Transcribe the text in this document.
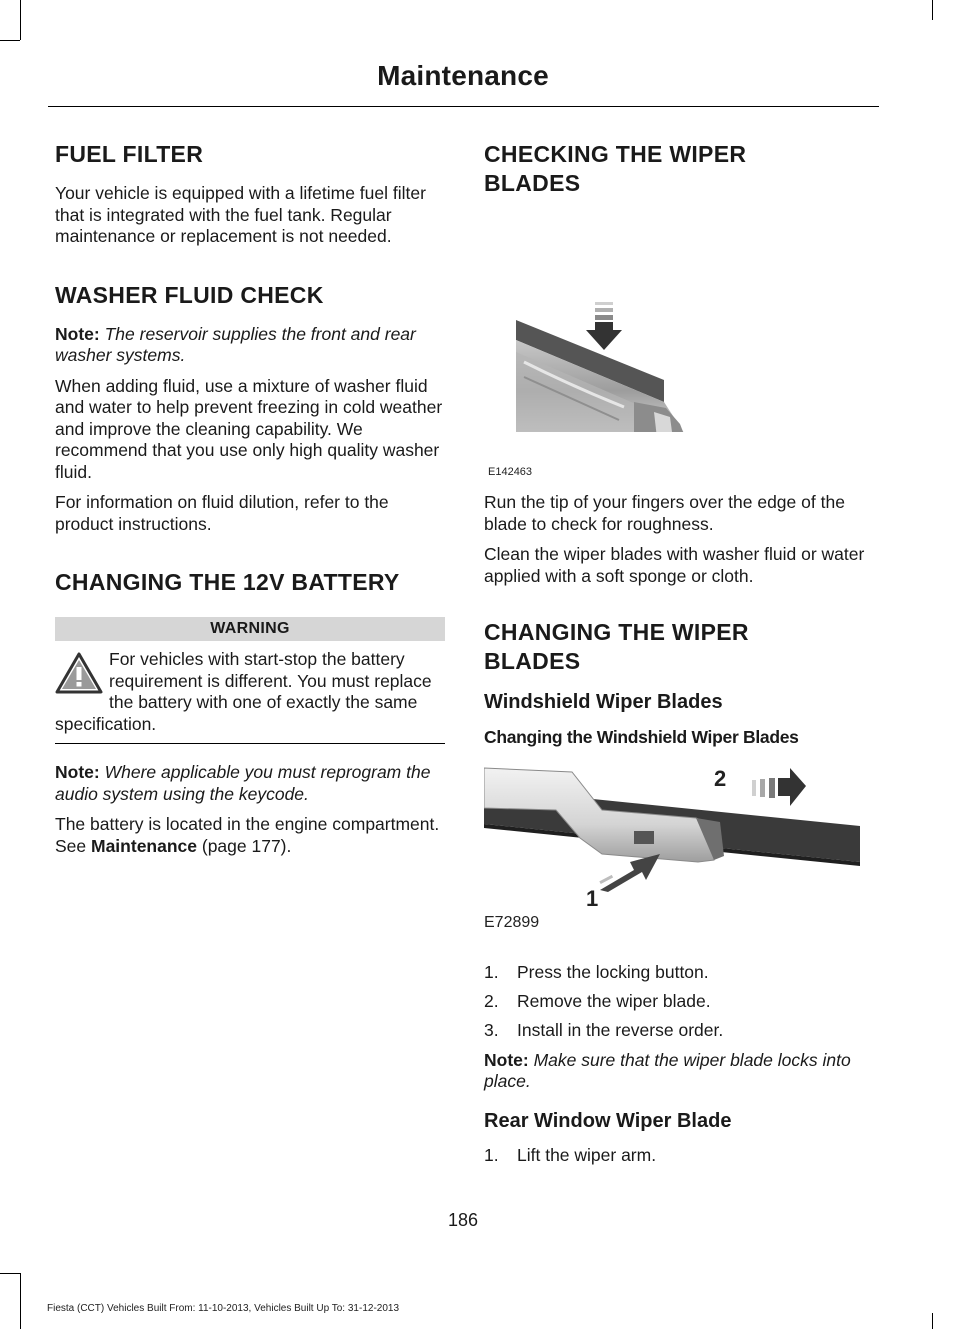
Maintenance
FUEL FILTER

Your vehicle is equipped with a lifetime fuel filter that is integrated with the fuel tank. Regular maintenance or replacement is not needed.

WASHER FLUID CHECK

Note: The reservoir supplies the front and rear washer systems.

When adding fluid, use a mixture of washer fluid and water to help prevent freezing in cold weather and improve the cleaning capability. We recommend that you use only high quality washer fluid.

For information on fluid dilution, refer to the product instructions.

CHANGING THE 12V BATTERY
WARNING
For vehicles with start-stop the battery requirement is different. You must replace the battery with one of exactly the same specification.

Note: Where applicable you must reprogram the audio system using the keycode.

The battery is located in the engine compartment.  See Maintenance (page 177).

CHECKING THE WIPER BLADES
E142463

Run the tip of your fingers over the edge of the blade to check for roughness.

Clean the wiper blades with washer fluid or water applied with a soft sponge or cloth.

CHANGING THE WIPER BLADES
Windshield Wiper Blades
Changing the Windshield Wiper Blades
2
1
E72899
1.	Press the locking button.
2.	Remove the wiper blade.
3.	Install in the reverse order.

Note: Make sure that the wiper blade locks into place.

Rear Window Wiper Blade
1.	Lift the wiper arm.
186
Fiesta (CCT) Vehicles Built From: 11-10-2013, Vehicles Built Up To: 31-12-2013
